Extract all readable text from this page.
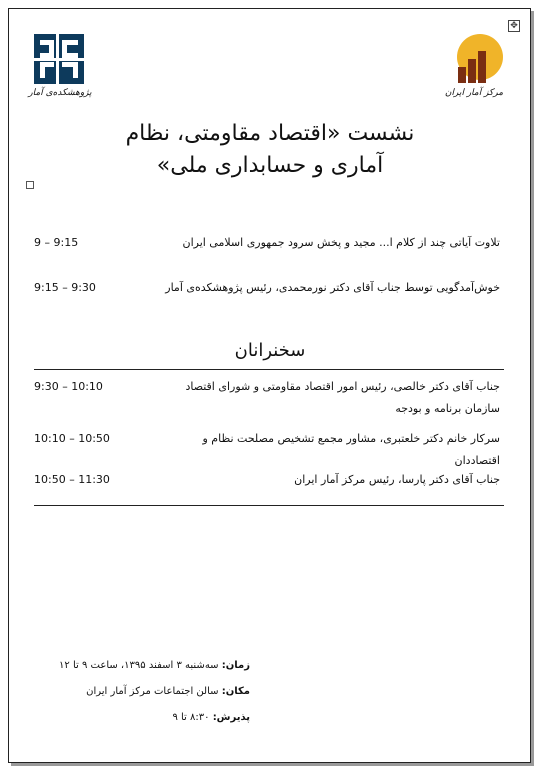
✥
پژوهشکده‌ی آمار	مرکز آمار ایران
نشست «اقتصاد مقاومتی، نظام
آماری و حسابداری ملی»
تلاوت آیاتی چند از کلام ا... مجید و پخش سرود جمهوری اسلامی ایران
9:15 – 9
خوش‌آمدگویی توسط جناب آقای دکتر نورمحمدی، رئیس پژوهشکده‌ی آمار
9:30 – 9:15
سخنرانان
جناب آقای دکتر خالصی، رئیس امور اقتصاد مقاومتی و شورای اقتصاد سازمان برنامه و بودجه
10:10 – 9:30
سرکار خانم دکتر خلعتبری، مشاور مجمع تشخیص مصلحت نظام و اقتصاددان
10:50 – 10:10
جناب آقای دکتر پارسا، رئیس مرکز آمار ایران
11:30 – 10:50
زمان: سه‌شنبه ۳ اسفند ۱۳۹۵، ساعت ۹ تا ۱۲
مکان: سالن اجتماعات مرکز آمار ایران
پذیرش: ۸:۳۰ تا ۹
